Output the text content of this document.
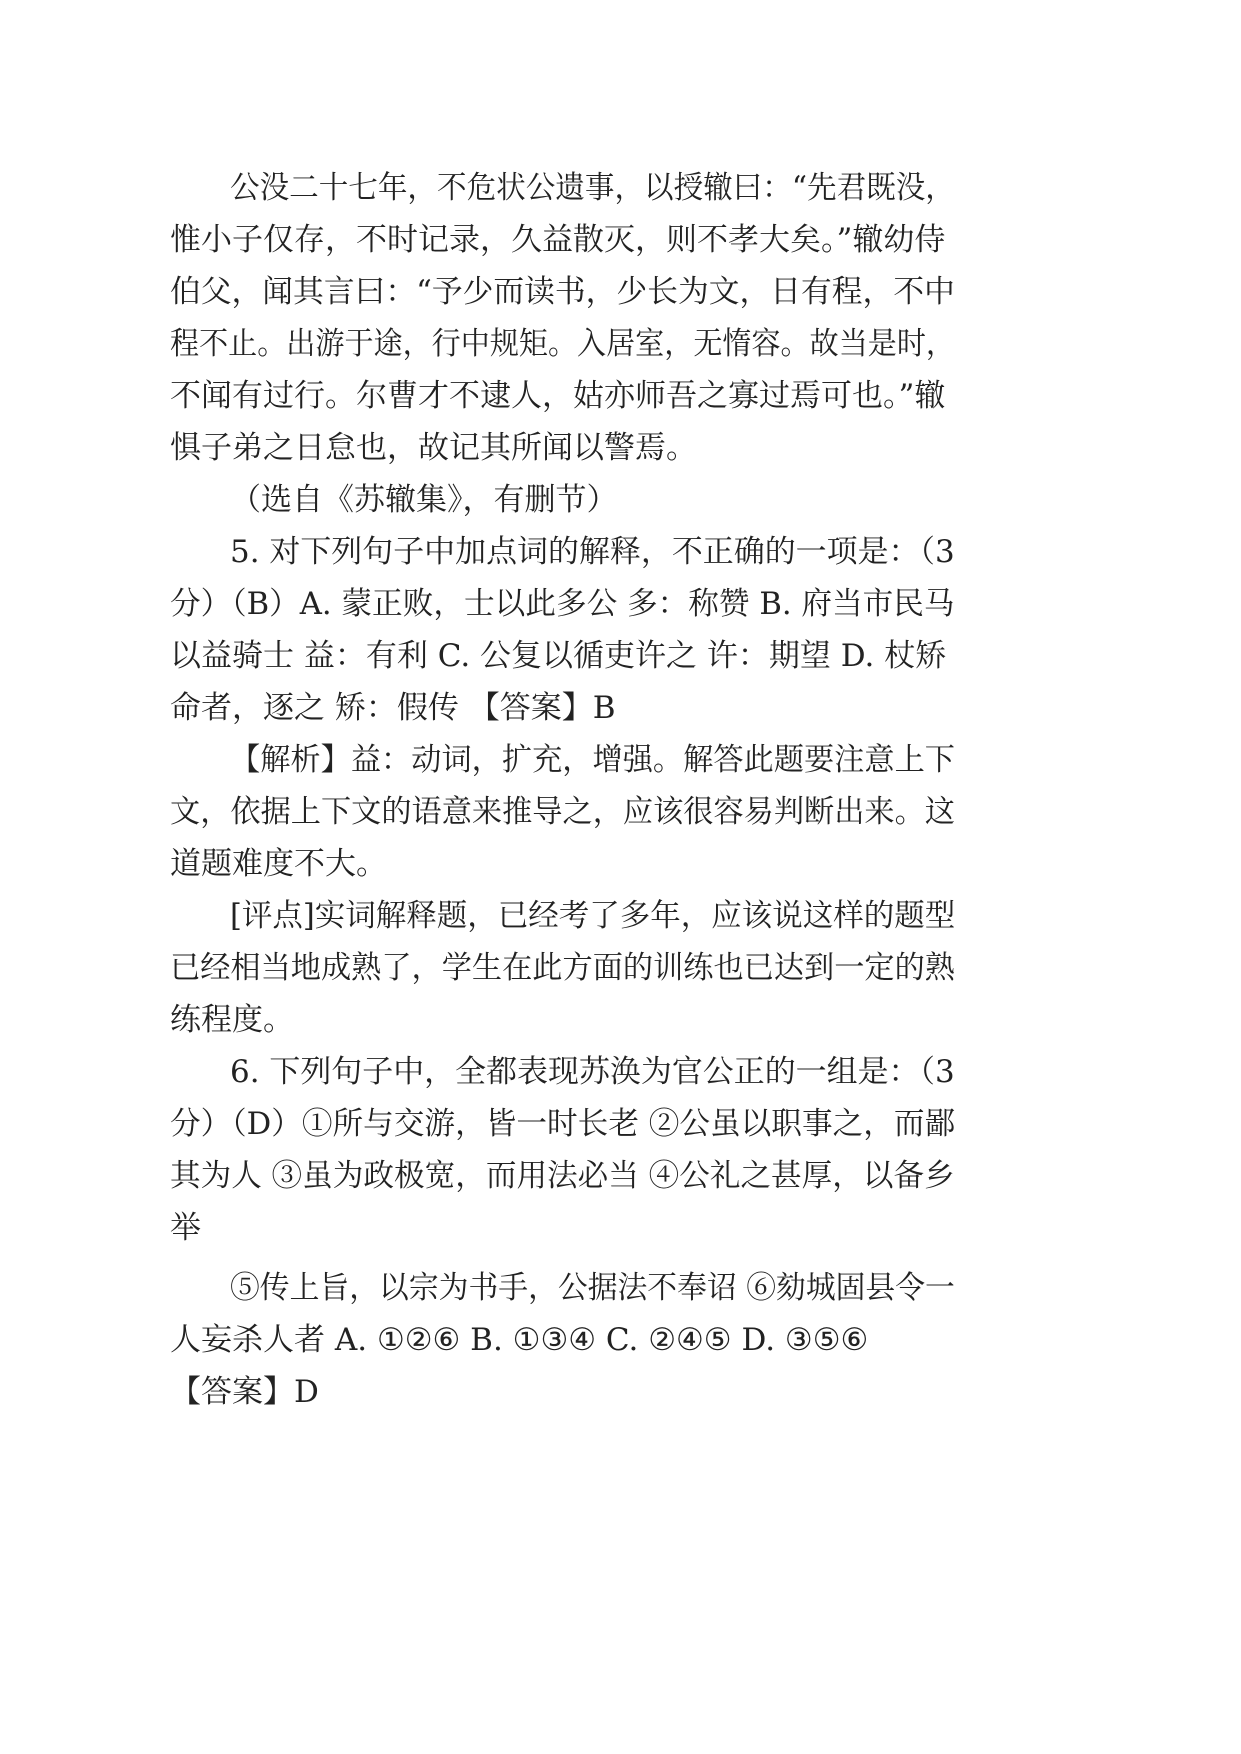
公没二十七年，不危状公遗事，以授辙曰：“先君既没，
惟小子仅存，不时记录，久益散灭，则不孝大矣。”辙幼侍
伯父，闻其言曰：“予少而读书，少长为文，日有程，不中
程不止。出游于途，行中规矩。入居室，无惰容。故当是时，
不闻有过行。尔曹才不逮人，姑亦师吾之寡过焉可也。”辙
惧子弟之日怠也，故记其所闻以警焉。
（选自《苏辙集》，有删节）
5. 对下列句子中加点词的解释，不正确的一项是：（3
分）（B）A. 蒙正败，士以此多公 多：称赞 B. 府当市民马
以益骑士 益：有利 C. 公复以循吏许之 许：期望 D. 杖矫
命者，逐之 矫：假传 【答案】B
【解析】益：动词，扩充，增强。解答此题要注意上下
文，依据上下文的语意来推导之，应该很容易判断出来。这
道题难度不大。
[评点]实词解释题，已经考了多年，应该说这样的题型
已经相当地成熟了，学生在此方面的训练也已达到一定的熟
练程度。
6. 下列句子中，全都表现苏涣为官公正的一组是：（3
分）（D）①所与交游，皆一时长老 ②公虽以职事之，而鄙
其为人 ③虽为政极宽，而用法必当 ④公礼之甚厚，以备乡
举
⑤传上旨，以宗为书手，公据法不奉诏 ⑥劾城固县令一
人妄杀人者 A. ①②⑥ B. ①③④ C. ②④⑤ D. ③⑤⑥
【答案】D
